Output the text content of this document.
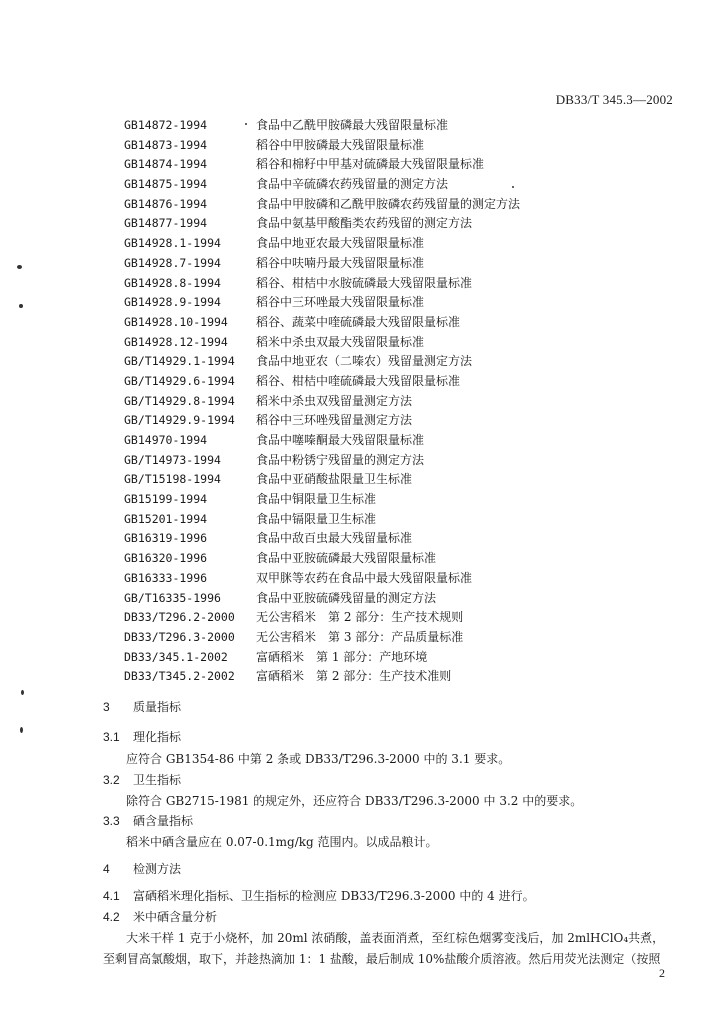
DB33/T 345.3—2002
GB14872-1994	食品中乙酰甲胺磷最大残留限量标准
GB14873-1994	稻谷中甲胺磷最大残留限量标准
GB14874-1994	稻谷和棉籽中甲基对硫磷最大残留限量标准
GB14875-1994	食品中辛硫磷农药残留量的测定方法
GB14876-1994	食品中甲胺磷和乙酰甲胺磷农药残留量的测定方法
GB14877-1994	食品中氨基甲酸酯类农药残留的测定方法
GB14928.1-1994	食品中地亚农最大残留限量标准
GB14928.7-1994	稻谷中呋喃丹最大残留限量标准
GB14928.8-1994	稻谷、柑桔中水胺硫磷最大残留限量标准
GB14928.9-1994	稻谷中三环唑最大残留限量标准
GB14928.10-1994 稻谷、蔬菜中喹硫磷最大残留限量标准
GB14928.12-1994 稻米中杀虫双最大残留限量标准
GB/T14929.1-1994 食品中地亚农（二嗪农）残留量测定方法
GB/T14929.6-1994 稻谷、柑桔中喹硫磷最大残留限量标准
GB/T14929.8-1994 稻米中杀虫双残留量测定方法
GB/T14929.9-1994 稻谷中三环唑残留量测定方法
GB14970-1994	食品中噻嗪酮最大残留限量标准
GB/T14973-1994	食品中粉锈宁残留量的测定方法
GB/T15198-1994	食品中亚硝酸盐限量卫生标准
GB15199-1994	食品中铜限量卫生标准
GB15201-1994	食品中镉限量卫生标准
GB16319-1996	食品中敌百虫最大残留量标准
GB16320-1996	食品中亚胺硫磷最大残留限量标准
GB16333-1996	双甲脒等农药在食品中最大残留限量标准
GB/T16335-1996	食品中亚胺硫磷残留量的测定方法
DB33/T296.2-2000 无公害稻米　第 2 部分：生产技术规则
DB33/T296.3-2000 无公害稻米　第 3 部分：产品质量标准
DB33/345.1-2002 富硒稻米　第 1 部分：产地环境
DB33/T345.2-2002 富硒稻米　第 2 部分：生产技术准则
3 质量指标
3.1 理化指标
应符合 GB1354-86 中第 2 条或 DB33/T296.3-2000 中的 3.1 要求。
3.2 卫生指标
除符合 GB2715-1981 的规定外，还应符合 DB33/T296.3-2000 中 3.2 中的要求。
3.3 硒含量指标
稻米中硒含量应在 0.07-0.1mg/kg 范围内。以成品粮计。
4 检测方法
4.1 富硒稻米理化指标、卫生指标的检测应 DB33/T296.3-2000 中的 4 进行。
4.2 米中硒含量分析
大米干样 1 克于小烧杯，加 20ml 浓硝酸，盖表面消煮，至红棕色烟雾变浅后，加 2mlHClO₄共煮，
至剩冒高氯酸烟，取下，并趁热滴加 1：1 盐酸，最后制成 10%盐酸介质溶液。然后用荧光法测定（按照
2
